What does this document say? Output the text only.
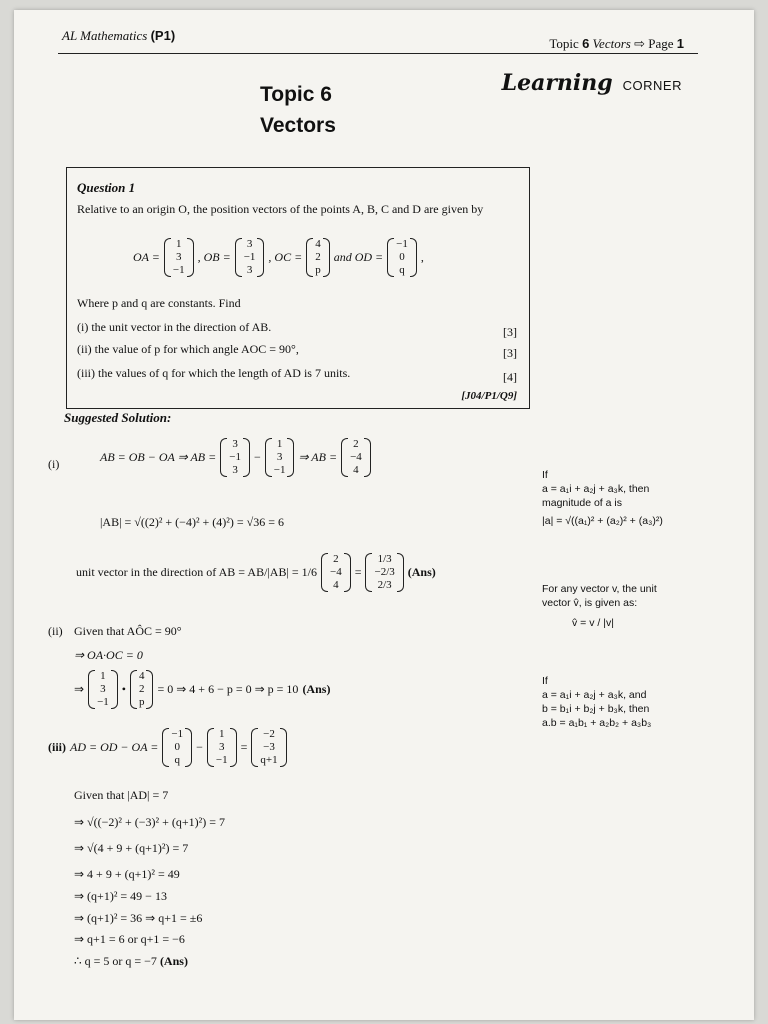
AL Mathematics (P1)
Topic 6 Vectors ⇨ Page 1
Learning CORNER
Topic 6
Vectors
Question 1
Relative to an origin O, the position vectors of the points A, B, C and D are given by
OA =
1
3
−1
, OB =
3
−1
3
, OC =
4
2
p
and OD =
−1
0
q
,
Where p and q are constants. Find
(i) the unit vector in the direction of AB.	[3]
(ii) the value of p for which angle AOC = 90°,	[3]
(iii) the values of q for which the length of AD is 7 units.	[4]
[J04/P1/Q9]
Suggested Solution:
(i)	AB = OB − OA ⇒ AB =
3
−1
3
−
1
3
−1
⇒ AB =
2
−4
4
|AB| = √((2)² + (−4)² + (4)²) = √36 = 6
unit vector in the direction of AB = AB/|AB| = 1/6
2
−4
4
=
1/3
−2/3
2/3
(Ans)
(ii) Given that AÔC = 90°
⇒ OA·OC = 0
⇒
1
3
−1
•
4
2
p
= 0 ⇒ 4 + 6 − p = 0 ⇒ p = 10 (Ans)
(iii) AD = OD − OA =
−1
0
q
−
1
3
−1
=
−2
−3
q+1
Given that |AD| = 7
⇒ √((−2)² + (−3)² + (q+1)²) = 7
⇒ √(4 + 9 + (q+1)²) = 7
⇒ 4 + 9 + (q+1)² = 49
⇒ (q+1)² = 49 − 13
⇒ (q+1)² = 36 ⇒ q+1 = ±6
⇒ q+1 = 6 or q+1 = −6
∴ q = 5 or q = −7 (Ans)
If
a = a₁i + a₂j + a₃k, then
magnitude of a is
|a| = √((a₁)² + (a₂)² + (a₃)²)
For any vector v, the unit
vector v̂, is given as:
v̂ = v / |v|
If
a = a₁i + a₂j + a₃k, and
b = b₁i + b₂j + b₃k, then
a.b = a₁b₁ + a₂b₂ + a₃b₃
